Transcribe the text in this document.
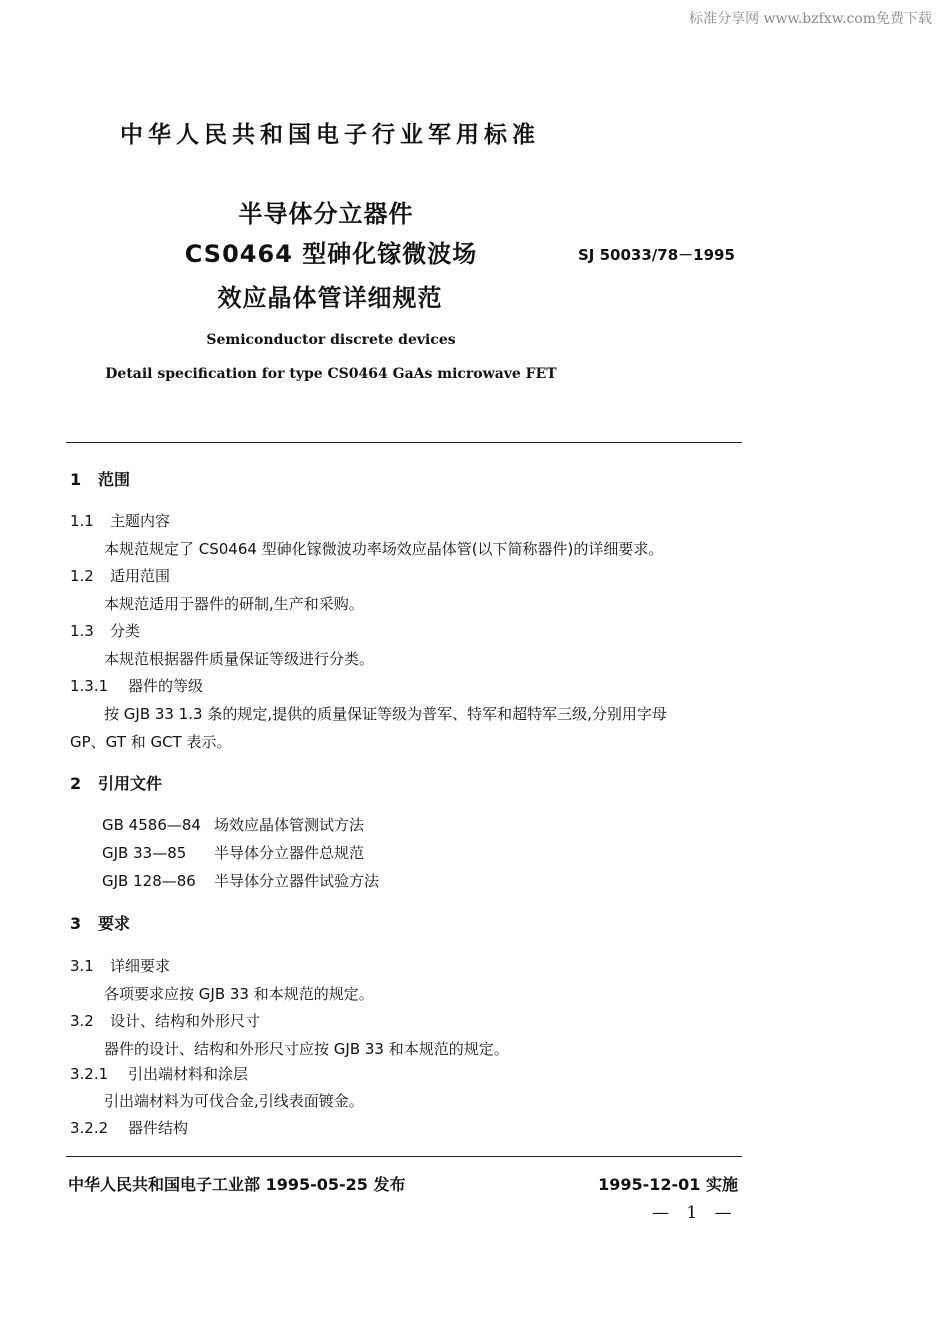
标准分享网 www.bzfxw.com免费下载
中华人民共和国电子行业军用标准
半导体分立器件
CS0464 型砷化镓微波场
效应晶体管详细规范
SJ 50033/78－1995
Semiconductor discrete devices
Detail specification for type CS0464 GaAs microwave FET
1 范围
1.1 主题内容
本规范规定了 CS0464 型砷化镓微波功率场效应晶体管(以下简称器件)的详细要求。
1.2 适用范围
本规范适用于器件的研制,生产和采购。
1.3 分类
本规范根据器件质量保证等级进行分类。
1.3.1 器件的等级
按 GJB 33 1.3 条的规定,提供的质量保证等级为普军、特军和超特军三级,分别用字母
GP、GT 和 GCT 表示。
2 引用文件
GB 4586—84 场效应晶体管测试方法
GJB 33—85 半导体分立器件总规范
GJB 128—86 半导体分立器件试验方法
3 要求
3.1 详细要求
各项要求应按 GJB 33 和本规范的规定。
3.2 设计、结构和外形尺寸
器件的设计、结构和外形尺寸应按 GJB 33 和本规范的规定。
3.2.1 引出端材料和涂层
引出端材料为可伐合金,引线表面镀金。
3.2.2 器件结构
中华人民共和国电子工业部 1995-05-25 发布	1995-12-01 实施
— 1 —
